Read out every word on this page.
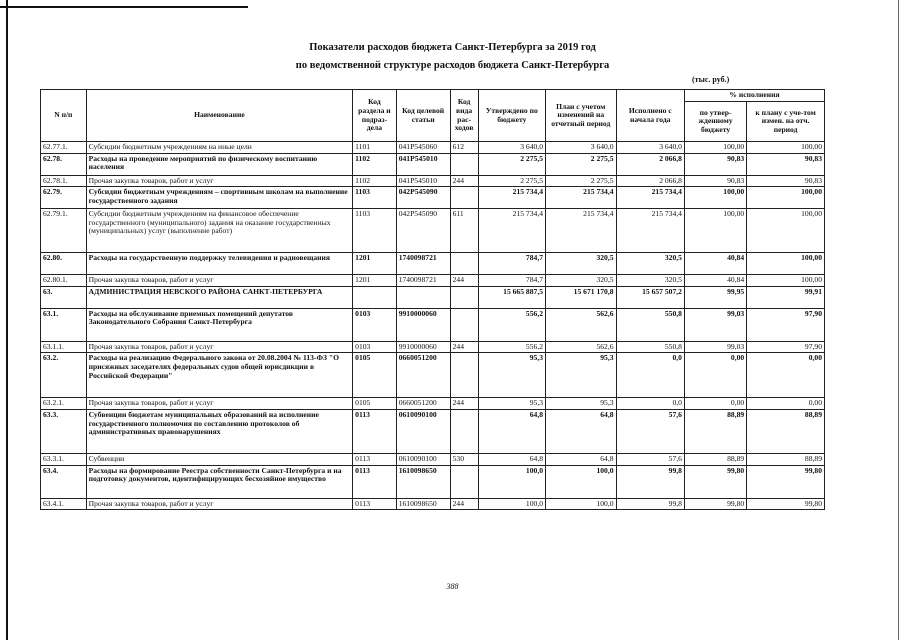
Показатели расходов бюджета Санкт-Петербурга за 2019 год
по ведомственной структуре расходов бюджета Санкт-Петербурга
(тыс. руб.)
N п/п	Наименование	Код раздела и подраз-дела	Код целевой статьи	Код вида рас-ходов	Утверждено по бюджету	План с учетом изменений на отчетный период	Исполнено с начала года	% исполнения	
								по утвер-жденному бюджету	к плану с уче-том измен. на отч. период
62.77.1.	Субсидии бюджетным учреждениям на иные цели	1101	041P545060	612	3 640,0	3 640,0	3 640,0	100,00	100,00
62.78.	Расходы на проведение мероприятий по физическому воспитанию населения	1102	041P545010		2 275,5	2 275,5	2 066,8	90,83	90,83
62.78.1.	Прочая закупка товаров, работ и услуг	1102	041P545010	244	2 275,5	2 275,5	2 066,8	90,83	90,83
62.79.	Субсидии бюджетным учреждениям – спортивным школам на выполнение государственного задания	1103	042P545090		215 734,4	215 734,4	215 734,4	100,00	100,00
62.79.1.	Субсидии бюджетным учреждениям на финансовое обеспечение государственного (муниципального) задания на оказание государственных (муниципальных) услуг (выполнение работ)	1103	042P545090	611	215 734,4	215 734,4	215 734,4	100,00	100,00
62.80.	Расходы на государственную поддержку телевидения и радиовещания	1201	1740098721		784,7	320,5	320,5	40,84	100,00
62.80.1.	Прочая закупка товаров, работ и услуг	1201	1740098721	244	784,7	320,5	320,5	40,84	100,00
63.	АДМИНИСТРАЦИЯ НЕВСКОГО РАЙОНА САНКТ-ПЕТЕРБУРГА				15 665 887,5	15 671 170,8	15 657 507,2	99,95	99,91
63.1.	Расходы на обслуживание приемных помещений депутатов Законодательного Собрания Санкт-Петербурга	0103	9910000060		556,2	562,6	550,8	99,03	97,90
63.1.1.	Прочая закупка товаров, работ и услуг	0103	9910000060	244	556,2	562,6	550,8	99,03	97,90
63.2.	Расходы на реализацию Федерального закона от 20.08.2004 № 113-ФЗ "О присяжных заседателях федеральных судов общей юрисдикции в Российской Федерации"	0105	0660051200		95,3	95,3	0,0	0,00	0,00
63.2.1.	Прочая закупка товаров, работ и услуг	0105	0660051200	244	95,3	95,3	0,0	0,00	0,00
63.3.	Субвенции бюджетам муниципальных образований на исполнение государственного полномочия по составлению протоколов об административных правонарушениях	0113	0610090100		64,8	64,8	57,6	88,89	88,89
63.3.1.	Субвенции	0113	0610090100	530	64,8	64,8	57,6	88,89	88,89
63.4.	Расходы на формирование Реестра собственности Санкт-Петербурга и на подготовку документов, идентифицирующих бесхозяйное имущество	0113	1610098650		100,0	100,0	99,8	99,80	99,80
63.4.1.	Прочая закупка товаров, работ и услуг	0113	1610098650	244	100,0	100,0	99,8	99,80	99,80
388
